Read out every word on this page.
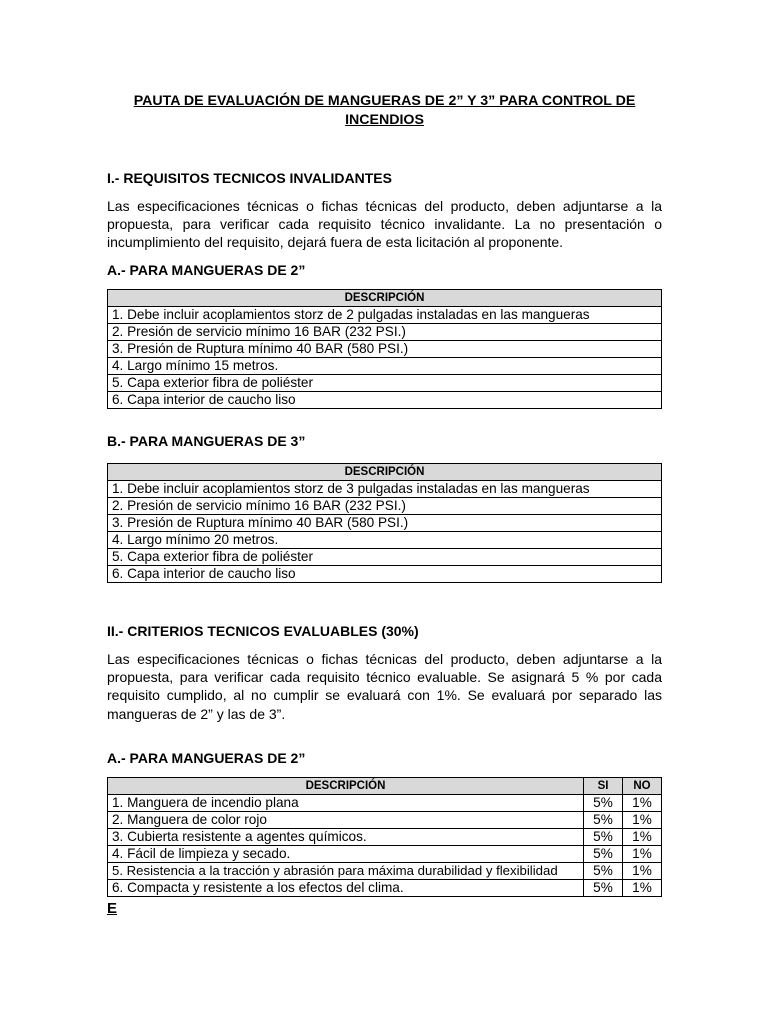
PAUTA DE EVALUACIÓN DE MANGUERAS DE 2” Y 3” PARA CONTROL DE INCENDIOS
I.- REQUISITOS TECNICOS INVALIDANTES
Las especificaciones técnicas o fichas técnicas del producto, deben adjuntarse a la propuesta, para verificar cada requisito técnico invalidante. La no presentación o incumplimiento del requisito, dejará fuera de esta licitación al proponente.
A.- PARA MANGUERAS DE 2”
DESCRIPCIÓN
1. Debe incluir acoplamientos storz de 2 pulgadas instaladas en las mangueras
2. Presión de servicio mínimo 16 BAR (232 PSI.)
3. Presión de Ruptura mínimo 40 BAR (580 PSI.)
4. Largo mínimo 15 metros.
5. Capa exterior fibra de poliéster
6. Capa interior de caucho liso
B.- PARA MANGUERAS DE 3”
DESCRIPCIÓN
1. Debe incluir acoplamientos storz de 3 pulgadas instaladas en las mangueras
2. Presión de servicio mínimo 16 BAR (232 PSI.)
3. Presión de Ruptura mínimo 40 BAR (580 PSI.)
4. Largo mínimo 20 metros.
5. Capa exterior fibra de poliéster
6. Capa interior de caucho liso
II.- CRITERIOS TECNICOS EVALUABLES (30%)
Las especificaciones técnicas o fichas técnicas del producto, deben adjuntarse a la propuesta, para verificar cada requisito técnico evaluable. Se asignará 5 % por cada requisito cumplido, al no cumplir se evaluará con 1%. Se evaluará por separado las mangueras de 2” y las de 3”.
A.- PARA MANGUERAS DE 2”
DESCRIPCIÓN	SI	NO
1. Manguera de incendio plana	5%	1%
2. Manguera de color rojo	5%	1%
3. Cubierta resistente a agentes químicos.	5%	1%
4. Fácil de limpieza y secado.	5%	1%
5. Resistencia a la tracción y abrasión para máxima durabilidad y flexibilidad	5%	1%
6. Compacta y resistente a los efectos del clima.	5%	1%
E
